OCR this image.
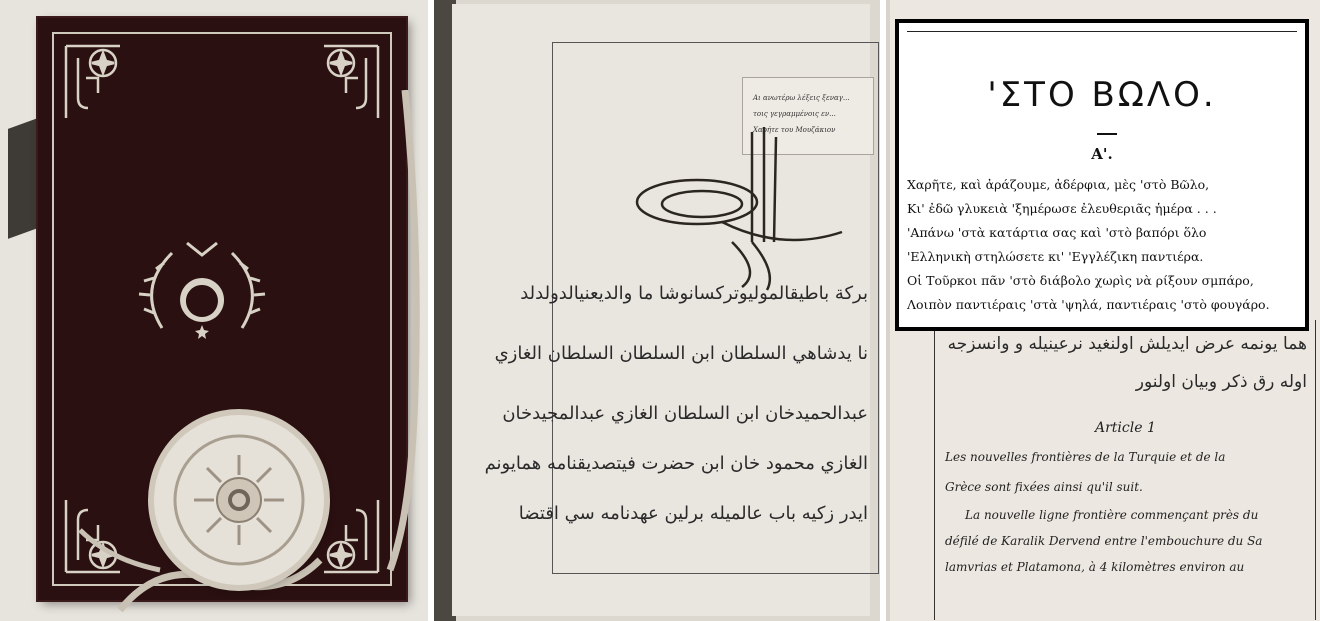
Αι ανωτέρω λέξεις ξεναγ...
τοις γεγραμμένοις εν...
Χαρήτε του Μουζάκιον
بركة باطيقالموليوتركسانوشا ما والديعنيالدولدلد
نا يدشاهي السلطان ابن السلطان السلطان الغازي
عبدالحميدخان ابن السلطان الغازي عبدالمجيدخان
الغازي محمود خان ابن حضرت فيتصديقنامه همايونم
ايدر زكيه باب عالميله برلين عهدنامه سي اقتضا
هما يونمه عرض ايديلش اولنغيد نرعينيله و وانسزجه
اوله رق ذكر وبيان اولنور
Article 1
Les nouvelles frontières de la Turquie et de la
Grèce sont fixées ainsi qu'il suit.
La nouvelle ligne frontière commençant près du
défilé de Karalik Dervend entre l'embouchure du Sa
lamvrias et Platamona, à 4 kilomètres environ au
'ΣΤΟ ΒΩΛΟ.
Α'.

Χαρῆτε, καὶ ἀράζουμε, ἀδέρφια, μὲς 'στὸ Βῶλο,

Κι' ἐδῶ γλυκειὰ 'ξημέρωσε ἐλευθεριᾶς ἡμέρα . . .

'Απάνω 'στὰ κατάρτια σας καὶ 'στὸ βαπόρι ὅλο

'Ελληνικὴ στηλώσετε κι' 'Εγγλέζικη παντιέρα.

Οἱ Τοῦρκοι πᾶν 'στὸ διάβολο χωρὶς νὰ ρίξουν σμπάρο,

Λοιπὸν παντιέραις 'στὰ 'ψηλά, παντιέραις 'στὸ φουγάρο.
